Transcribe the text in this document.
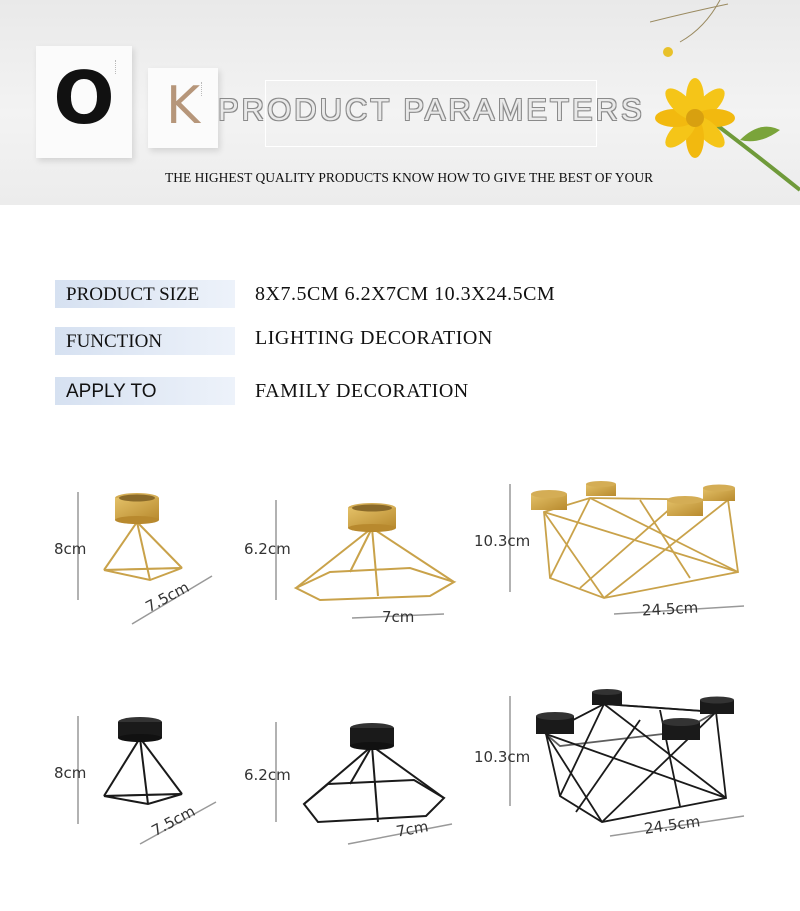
O K PRODUCT PARAMETERS
THE HIGHEST QUALITY PRODUCTS KNOW HOW TO GIVE THE BEST OF YOUR
PRODUCT SIZE	8X7.5CM 6.2X7CM 10.3X24.5CM
FUNCTION	LIGHTING DECORATION
APPLY TO	FAMILY DECORATION
8cm
7.5cm
6.2cm
7cm
10.3cm
24.5cm
8cm
7.5cm
6.2cm
7cm
10.3cm
24.5cm
